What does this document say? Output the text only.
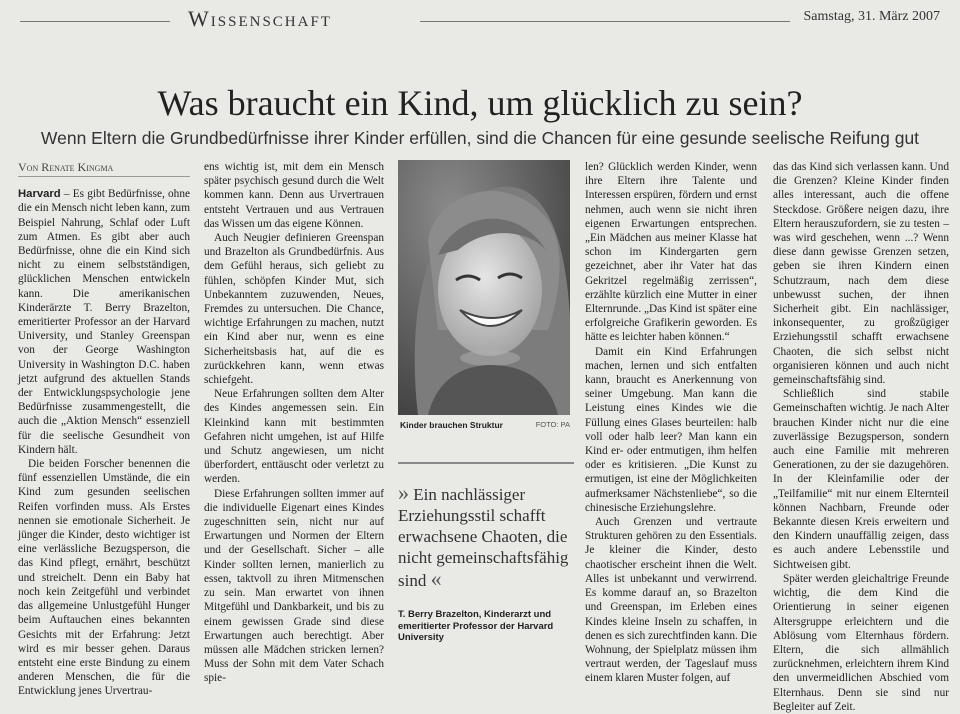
Wissenschaft	Samstag, 31. März 2007
Was braucht ein Kind, um glücklich zu sein?
Wenn Eltern die Grundbedürfnisse ihrer Kinder erfüllen, sind die Chancen für eine gesunde seelische Reifung gut

Von Renate Kingma

Harvard – Es gibt Bedürfnisse, ohne die ein Mensch nicht leben kann, zum Beispiel Nahrung, Schlaf oder Luft zum Atmen. Es gibt aber auch Bedürfnisse, ohne die ein Kind sich nicht zu einem selbstständigen, glücklichen Menschen entwickeln kann. Die amerikanischen Kinderärzte T. Berry Brazelton, emeritierter Professor an der Harvard University, und Stanley Greenspan von der George Washington University in Washington D.C. haben jetzt aufgrund des aktuellen Stands der Entwicklungspsychologie jene Bedürfnisse zusammengestellt, die auch die „Aktion Mensch“ essenziell für die seelische Gesundheit von Kindern hält.

Die beiden Forscher benennen die fünf essenziellen Umstände, die ein Kind zum gesunden seelischen Reifen vorfinden muss. Als Erstes nennen sie emotionale Sicherheit. Je jünger die Kinder, desto wichtiger ist eine verlässliche Bezugsperson, die das Kind pflegt, ernährt, beschützt und streichelt. Denn ein Baby hat noch kein Zeitgefühl und verbindet das allgemeine Unlustgefühl Hunger beim Auftauchen eines bekannten Gesichts mit der Erfahrung: Jetzt wird es mir besser gehen. Daraus entsteht eine erste Bindung zu einem anderen Menschen, die für die Entwicklung jenes Urvertrau-

ens wichtig ist, mit dem ein Mensch später psychisch gesund durch die Welt kommen kann. Denn aus Urvertrauen entsteht Vertrauen und aus Vertrauen das Wissen um das eigene Können.

Auch Neugier definieren Greenspan und Brazelton als Grundbedürfnis. Aus dem Gefühl heraus, sich geliebt zu fühlen, schöpfen Kinder Mut, sich Unbekanntem zuzuwenden, Neues, Fremdes zu untersuchen. Die Chance, wichtige Erfahrungen zu machen, nutzt ein Kind aber nur, wenn es eine Sicherheitsbasis hat, auf die es zurückkehren kann, wenn etwas schiefgeht.

Neue Erfahrungen sollten dem Alter des Kindes angemessen sein. Ein Kleinkind kann mit bestimmten Gefahren nicht umgehen, ist auf Hilfe und Schutz angewiesen, um nicht überfordert, enttäuscht oder verletzt zu werden.

Diese Erfahrungen sollten immer auf die individuelle Eigenart eines Kindes zugeschnitten sein, nicht nur auf Erwartungen und Normen der Eltern und der Gesellschaft. Sicher – alle Kinder sollten lernen, manierlich zu essen, taktvoll zu ihren Mitmenschen zu sein. Man erwartet von ihnen Mitgefühl und Dankbarkeit, und bis zu einem gewissen Grade sind diese Erwartungen auch berechtigt. Aber müssen alle Mädchen stricken lernen? Muss der Sohn mit dem Vater Schach spie-

Kinder brauchen Struktur	FOTO: PA
» Ein nachlässiger Erziehungsstil schafft erwachsene Chaoten, die nicht gemeinschaftsfähig sind «
T. Berry Brazelton, Kinderarzt und emeritierter Professor der Harvard University

len? Glücklich werden Kinder, wenn ihre Eltern ihre Talente und Interessen erspüren, fördern und ernst nehmen, auch wenn sie nicht ihren eigenen Erwartungen entsprechen. „Ein Mädchen aus meiner Klasse hat schon im Kindergarten gern gezeichnet, aber ihr Vater hat das Gekritzel regelmäßig zerrissen“, erzählte kürzlich eine Mutter in einer Elternrunde. „Das Kind ist später eine erfolgreiche Grafikerin geworden. Es hätte es leichter haben können.“

Damit ein Kind Erfahrungen machen, lernen und sich entfalten kann, braucht es Anerkennung von seiner Umgebung. Man kann die Leistung eines Kindes wie die Füllung eines Glases beurteilen: halb voll oder halb leer? Man kann ein Kind er- oder entmutigen, ihm helfen oder es kritisieren. „Die Kunst zu ermutigen, ist eine der Möglichkeiten aufmerksamer Nächstenliebe“, so die chinesische Erziehungslehre.

Auch Grenzen und vertraute Strukturen gehören zu den Essentials. Je kleiner die Kinder, desto chaotischer erscheint ihnen die Welt. Alles ist unbekannt und verwirrend. Es komme darauf an, so Brazelton und Greenspan, im Erleben eines Kindes kleine Inseln zu schaffen, in denen es sich zurechtfinden kann. Die Wohnung, der Spielplatz müssen ihm vertraut werden, der Tageslauf muss einem klaren Muster folgen, auf

das das Kind sich verlassen kann. Und die Grenzen? Kleine Kinder finden alles interessant, auch die offene Steckdose. Größere neigen dazu, ihre Eltern herauszufordern, sie zu testen – was wird geschehen, wenn ...? Wenn diese dann gewisse Grenzen setzen, geben sie ihren Kindern einen Schutzraum, nach dem diese unbewusst suchen, der ihnen Sicherheit gibt. Ein nachlässiger, inkonsequenter, zu großzügiger Erziehungsstil schafft erwachsene Chaoten, die sich selbst nicht organisieren können und auch nicht gemeinschaftsfähig sind.

Schließlich sind stabile Gemeinschaften wichtig. Je nach Alter brauchen Kinder nicht nur die eine zuverlässige Bezugsperson, sondern auch eine Familie mit mehreren Generationen, zu der sie dazugehören. In der Kleinfamilie oder der „Teilfamilie“ mit nur einem Elternteil können Nachbarn, Freunde oder Bekannte diesen Kreis erweitern und den Kindern unauffällig zeigen, dass es auch andere Lebensstile und Sichtweisen gibt.

Später werden gleichaltrige Freunde wichtig, die dem Kind die Orientierung in seiner eigenen Altersgruppe erleichtern und die Ablösung vom Elternhaus fördern. Eltern, die sich allmählich zurücknehmen, erleichtern ihrem Kind den unvermeidlichen Abschied vom Elternhaus. Denn sie sind nur Begleiter auf Zeit.
